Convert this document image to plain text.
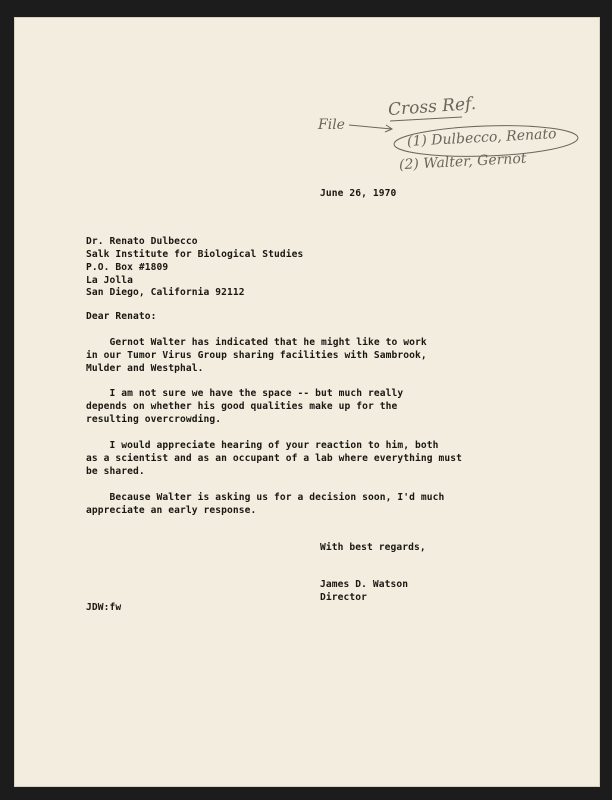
File
Cross Ref.
(1) Dulbecco, Renato
(2) Walter, Gernot
June 26, 1970
Dr. Renato Dulbecco
Salk Institute for Biological Studies
P.O. Box #1809
La Jolla
San Diego, California 92112
Dear Renato:
Gernot Walter has indicated that he might like to work
in our Tumor Virus Group sharing facilities with Sambrook,
Mulder and Westphal.
I am not sure we have the space -- but much really
depends on whether his good qualities make up for the
resulting overcrowding.
I would appreciate hearing of your reaction to him, both
as a scientist and as an occupant of a lab where everything must
be shared.
Because Walter is asking us for a decision soon, I'd much
appreciate an early response.
With best regards,
James D. Watson
Director
JDW:fw
